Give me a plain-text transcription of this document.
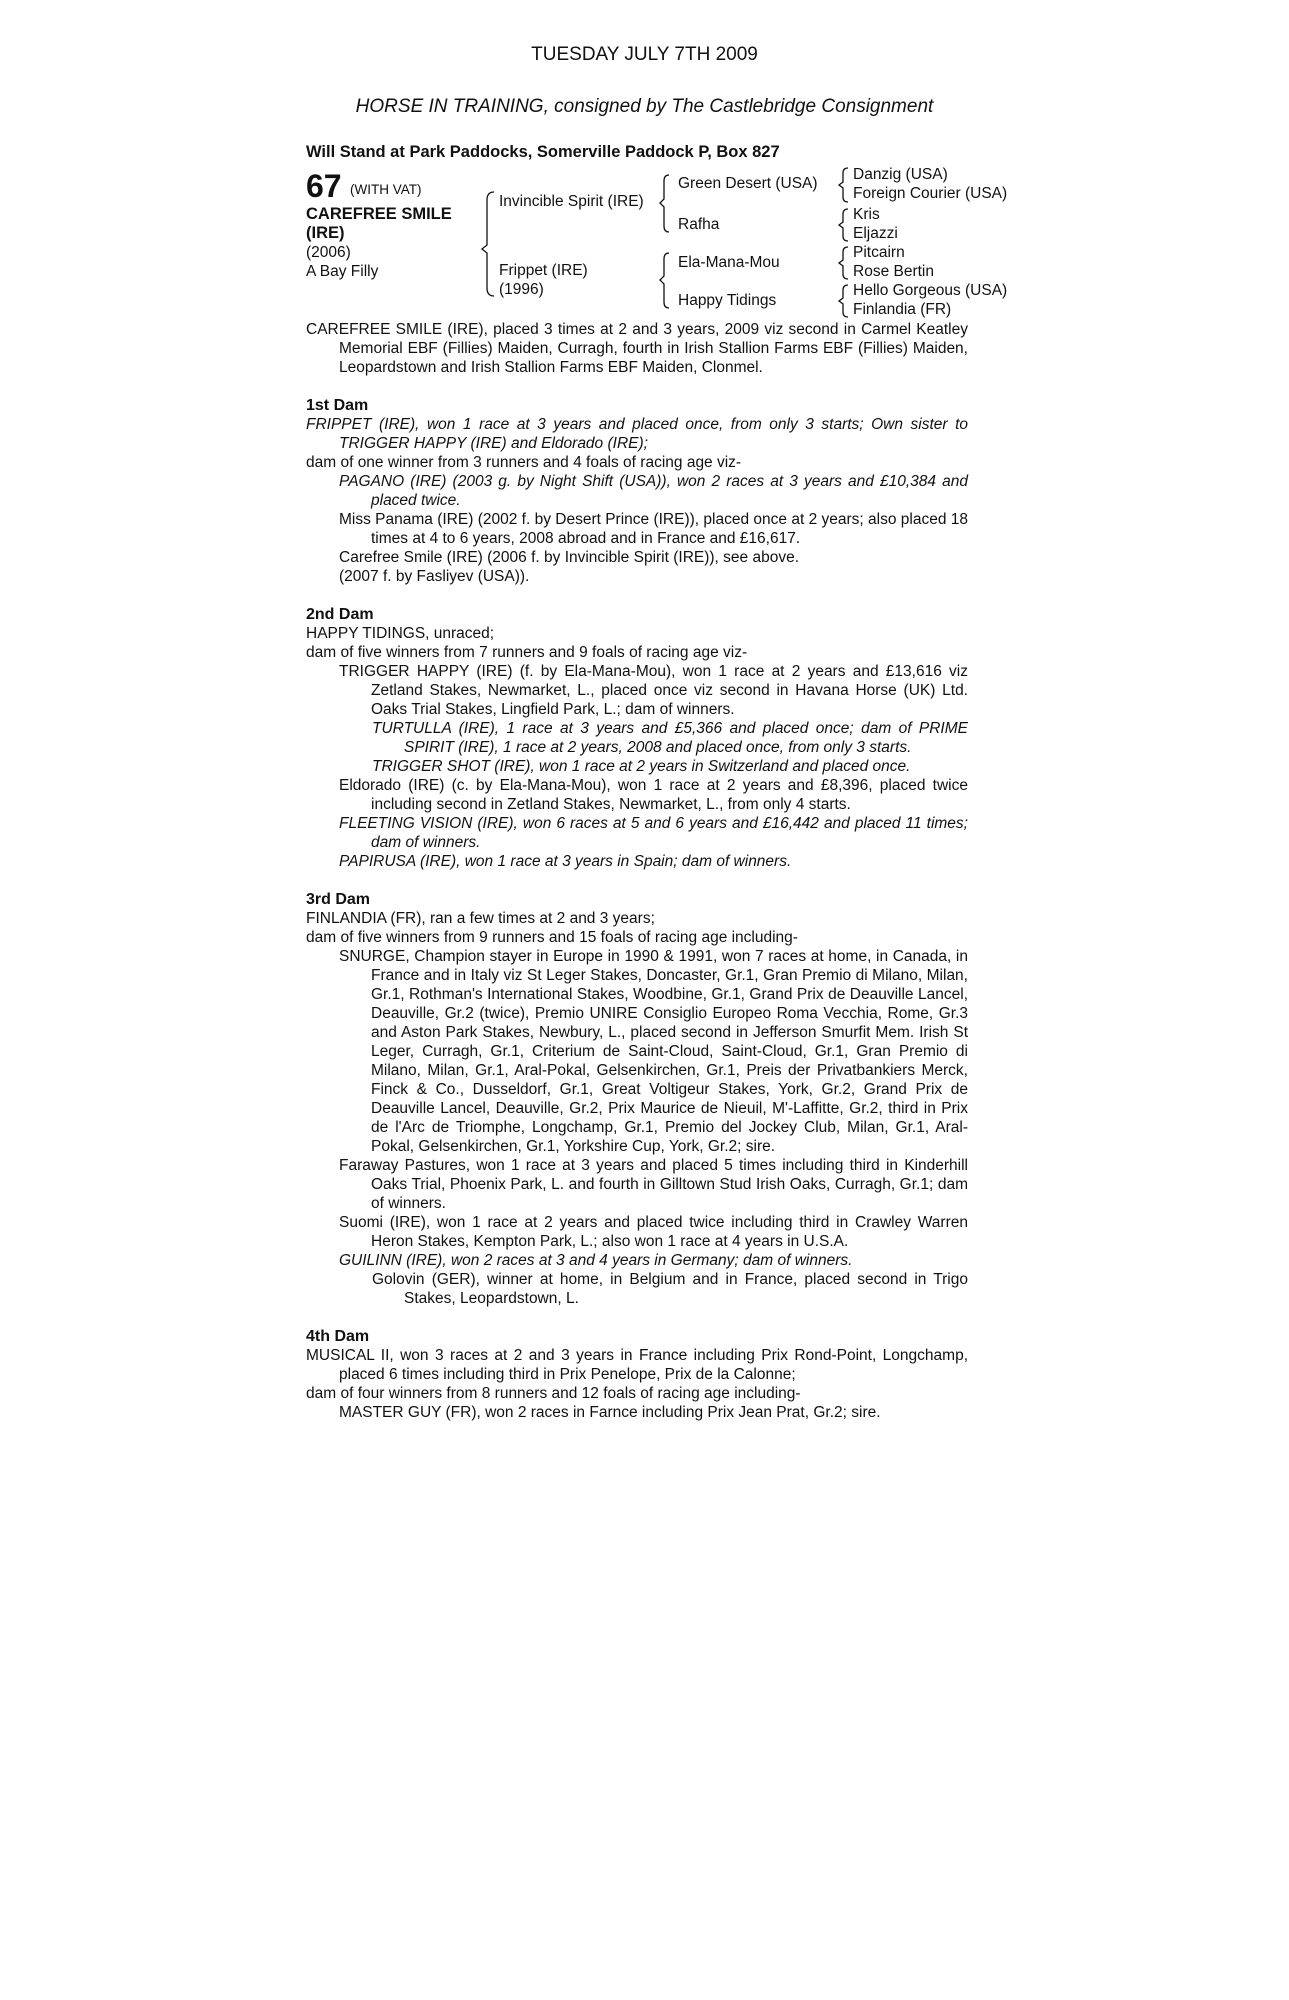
TUESDAY JULY 7TH 2009
HORSE IN TRAINING, consigned by The Castlebridge Consignment
Will Stand at Park Paddocks, Somerville Paddock P, Box 827
67 (WITH VAT)
CAREFREE SMILE
(IRE)
(2006)
A Bay Filly
Invincible Spirit (IRE)
Frippet (IRE)
(1996)
Green Desert (USA)
Rafha
Ela-Mana-Mou
Happy Tidings
Danzig (USA)
Foreign Courier (USA)
Kris
Eljazzi
Pitcairn
Rose Bertin
Hello Gorgeous (USA)
Finlandia (FR)

CAREFREE SMILE (IRE), placed 3 times at 2 and 3 years, 2009 viz second in Carmel Keatley Memorial EBF (Fillies) Maiden, Curragh, fourth in Irish Stallion Farms EBF (Fillies) Maiden, Leopardstown and Irish Stallion Farms EBF Maiden, Clonmel.

1st Dam

FRIPPET (IRE), won 1 race at 3 years and placed once, from only 3 starts; Own sister to TRIGGER HAPPY (IRE) and Eldorado (IRE);

dam of one winner from 3 runners and 4 foals of racing age viz-

PAGANO (IRE) (2003 g. by Night Shift (USA)), won 2 races at 3 years and £10,384 and placed twice.

Miss Panama (IRE) (2002 f. by Desert Prince (IRE)), placed once at 2 years; also placed 18 times at 4 to 6 years, 2008 abroad and in France and £16,617.

Carefree Smile (IRE) (2006 f. by Invincible Spirit (IRE)), see above.

(2007 f. by Fasliyev (USA)).

2nd Dam

HAPPY TIDINGS, unraced;

dam of five winners from 7 runners and 9 foals of racing age viz-

TRIGGER HAPPY (IRE) (f. by Ela-Mana-Mou), won 1 race at 2 years and £13,616 viz Zetland Stakes, Newmarket, L., placed once viz second in Havana Horse (UK) Ltd. Oaks Trial Stakes, Lingfield Park, L.; dam of winners.

TURTULLA (IRE), 1 race at 3 years and £5,366 and placed once; dam of PRIME SPIRIT (IRE), 1 race at 2 years, 2008 and placed once, from only 3 starts.

TRIGGER SHOT (IRE), won 1 race at 2 years in Switzerland and placed once.

Eldorado (IRE) (c. by Ela-Mana-Mou), won 1 race at 2 years and £8,396, placed twice including second in Zetland Stakes, Newmarket, L., from only 4 starts.

FLEETING VISION (IRE), won 6 races at 5 and 6 years and £16,442 and placed 11 times; dam of winners.

PAPIRUSA (IRE), won 1 race at 3 years in Spain; dam of winners.

3rd Dam

FINLANDIA (FR), ran a few times at 2 and 3 years;

dam of five winners from 9 runners and 15 foals of racing age including-

SNURGE, Champion stayer in Europe in 1990 & 1991, won 7 races at home, in Canada, in France and in Italy viz St Leger Stakes, Doncaster, Gr.1, Gran Premio di Milano, Milan, Gr.1, Rothman's International Stakes, Woodbine, Gr.1, Grand Prix de Deauville Lancel, Deauville, Gr.2 (twice), Premio UNIRE Consiglio Europeo Roma Vecchia, Rome, Gr.3 and Aston Park Stakes, Newbury, L., placed second in Jefferson Smurfit Mem. Irish St Leger, Curragh, Gr.1, Criterium de Saint-Cloud, Saint-Cloud, Gr.1, Gran Premio di Milano, Milan, Gr.1, Aral-Pokal, Gelsenkirchen, Gr.1, Preis der Privatbankiers Merck, Finck & Co., Dusseldorf, Gr.1, Great Voltigeur Stakes, York, Gr.2, Grand Prix de Deauville Lancel, Deauville, Gr.2, Prix Maurice de Nieuil, M'-Laffitte, Gr.2, third in Prix de l'Arc de Triomphe, Longchamp, Gr.1, Premio del Jockey Club, Milan, Gr.1, Aral-Pokal, Gelsenkirchen, Gr.1, Yorkshire Cup, York, Gr.2; sire.

Faraway Pastures, won 1 race at 3 years and placed 5 times including third in Kinderhill Oaks Trial, Phoenix Park, L. and fourth in Gilltown Stud Irish Oaks, Curragh, Gr.1; dam of winners.

Suomi (IRE), won 1 race at 2 years and placed twice including third in Crawley Warren Heron Stakes, Kempton Park, L.; also won 1 race at 4 years in U.S.A.

GUILINN (IRE), won 2 races at 3 and 4 years in Germany; dam of winners.

Golovin (GER), winner at home, in Belgium and in France, placed second in Trigo Stakes, Leopardstown, L.

4th Dam

MUSICAL II, won 3 races at 2 and 3 years in France including Prix Rond-Point, Longchamp, placed 6 times including third in Prix Penelope, Prix de la Calonne;

dam of four winners from 8 runners and 12 foals of racing age including-

MASTER GUY (FR), won 2 races in Farnce including Prix Jean Prat, Gr.2; sire.
